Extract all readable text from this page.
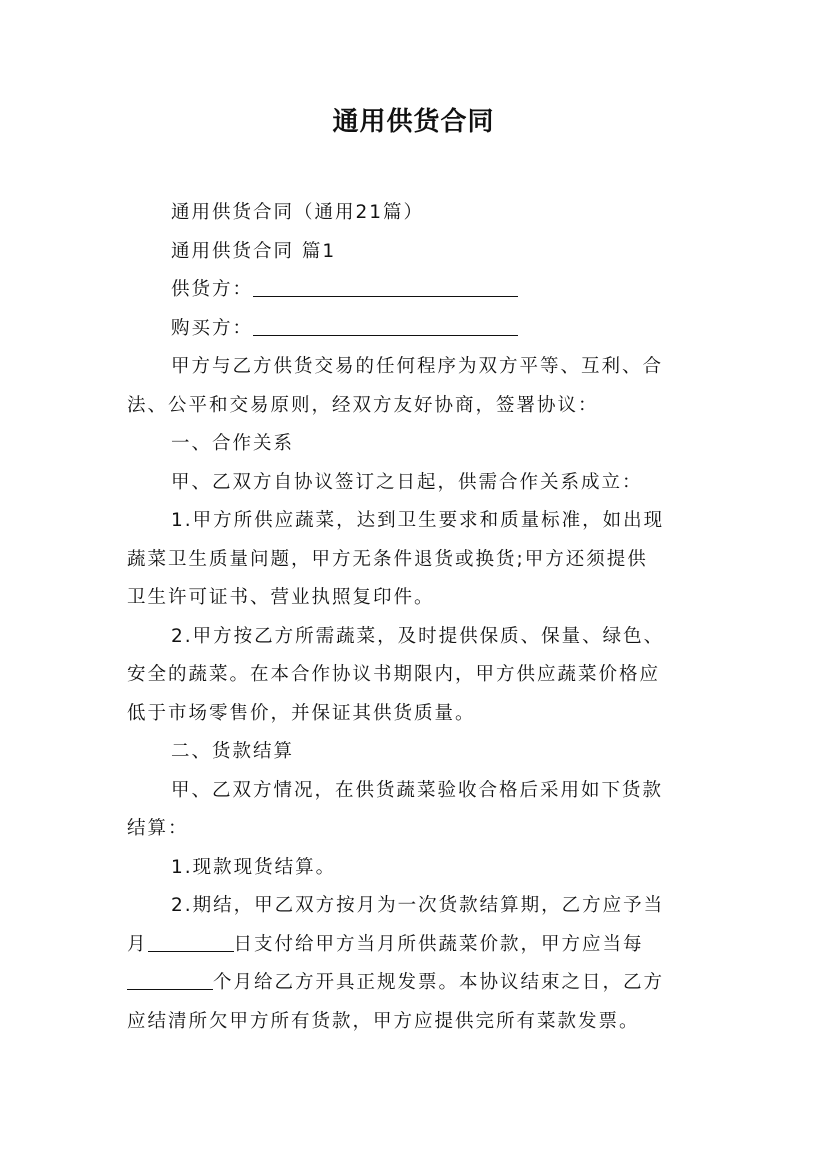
通用供货合同
通用供货合同（通用21篇）
通用供货合同 篇1
供货方：
购买方：
甲方与乙方供货交易的任何程序为双方平等、互利、合
法、公平和交易原则，经双方友好协商，签署协议：
一、合作关系
甲、乙双方自协议签订之日起，供需合作关系成立：
1.甲方所供应蔬菜，达到卫生要求和质量标准，如出现
蔬菜卫生质量问题，甲方无条件退货或换货;甲方还须提供
卫生许可证书、营业执照复印件。
2.甲方按乙方所需蔬菜，及时提供保质、保量、绿色、
安全的蔬菜。在本合作协议书期限内，甲方供应蔬菜价格应
低于市场零售价，并保证其供货质量。
二、货款结算
甲、乙双方情况，在供货蔬菜验收合格后采用如下货款
结算：
1.现款现货结算。
2.期结，甲乙双方按月为一次货款结算期，乙方应予当
月	日支付给甲方当月所供蔬菜价款，甲方应当每
个月给乙方开具正规发票。本协议结束之日，乙方
应结清所欠甲方所有货款，甲方应提供完所有菜款发票。
